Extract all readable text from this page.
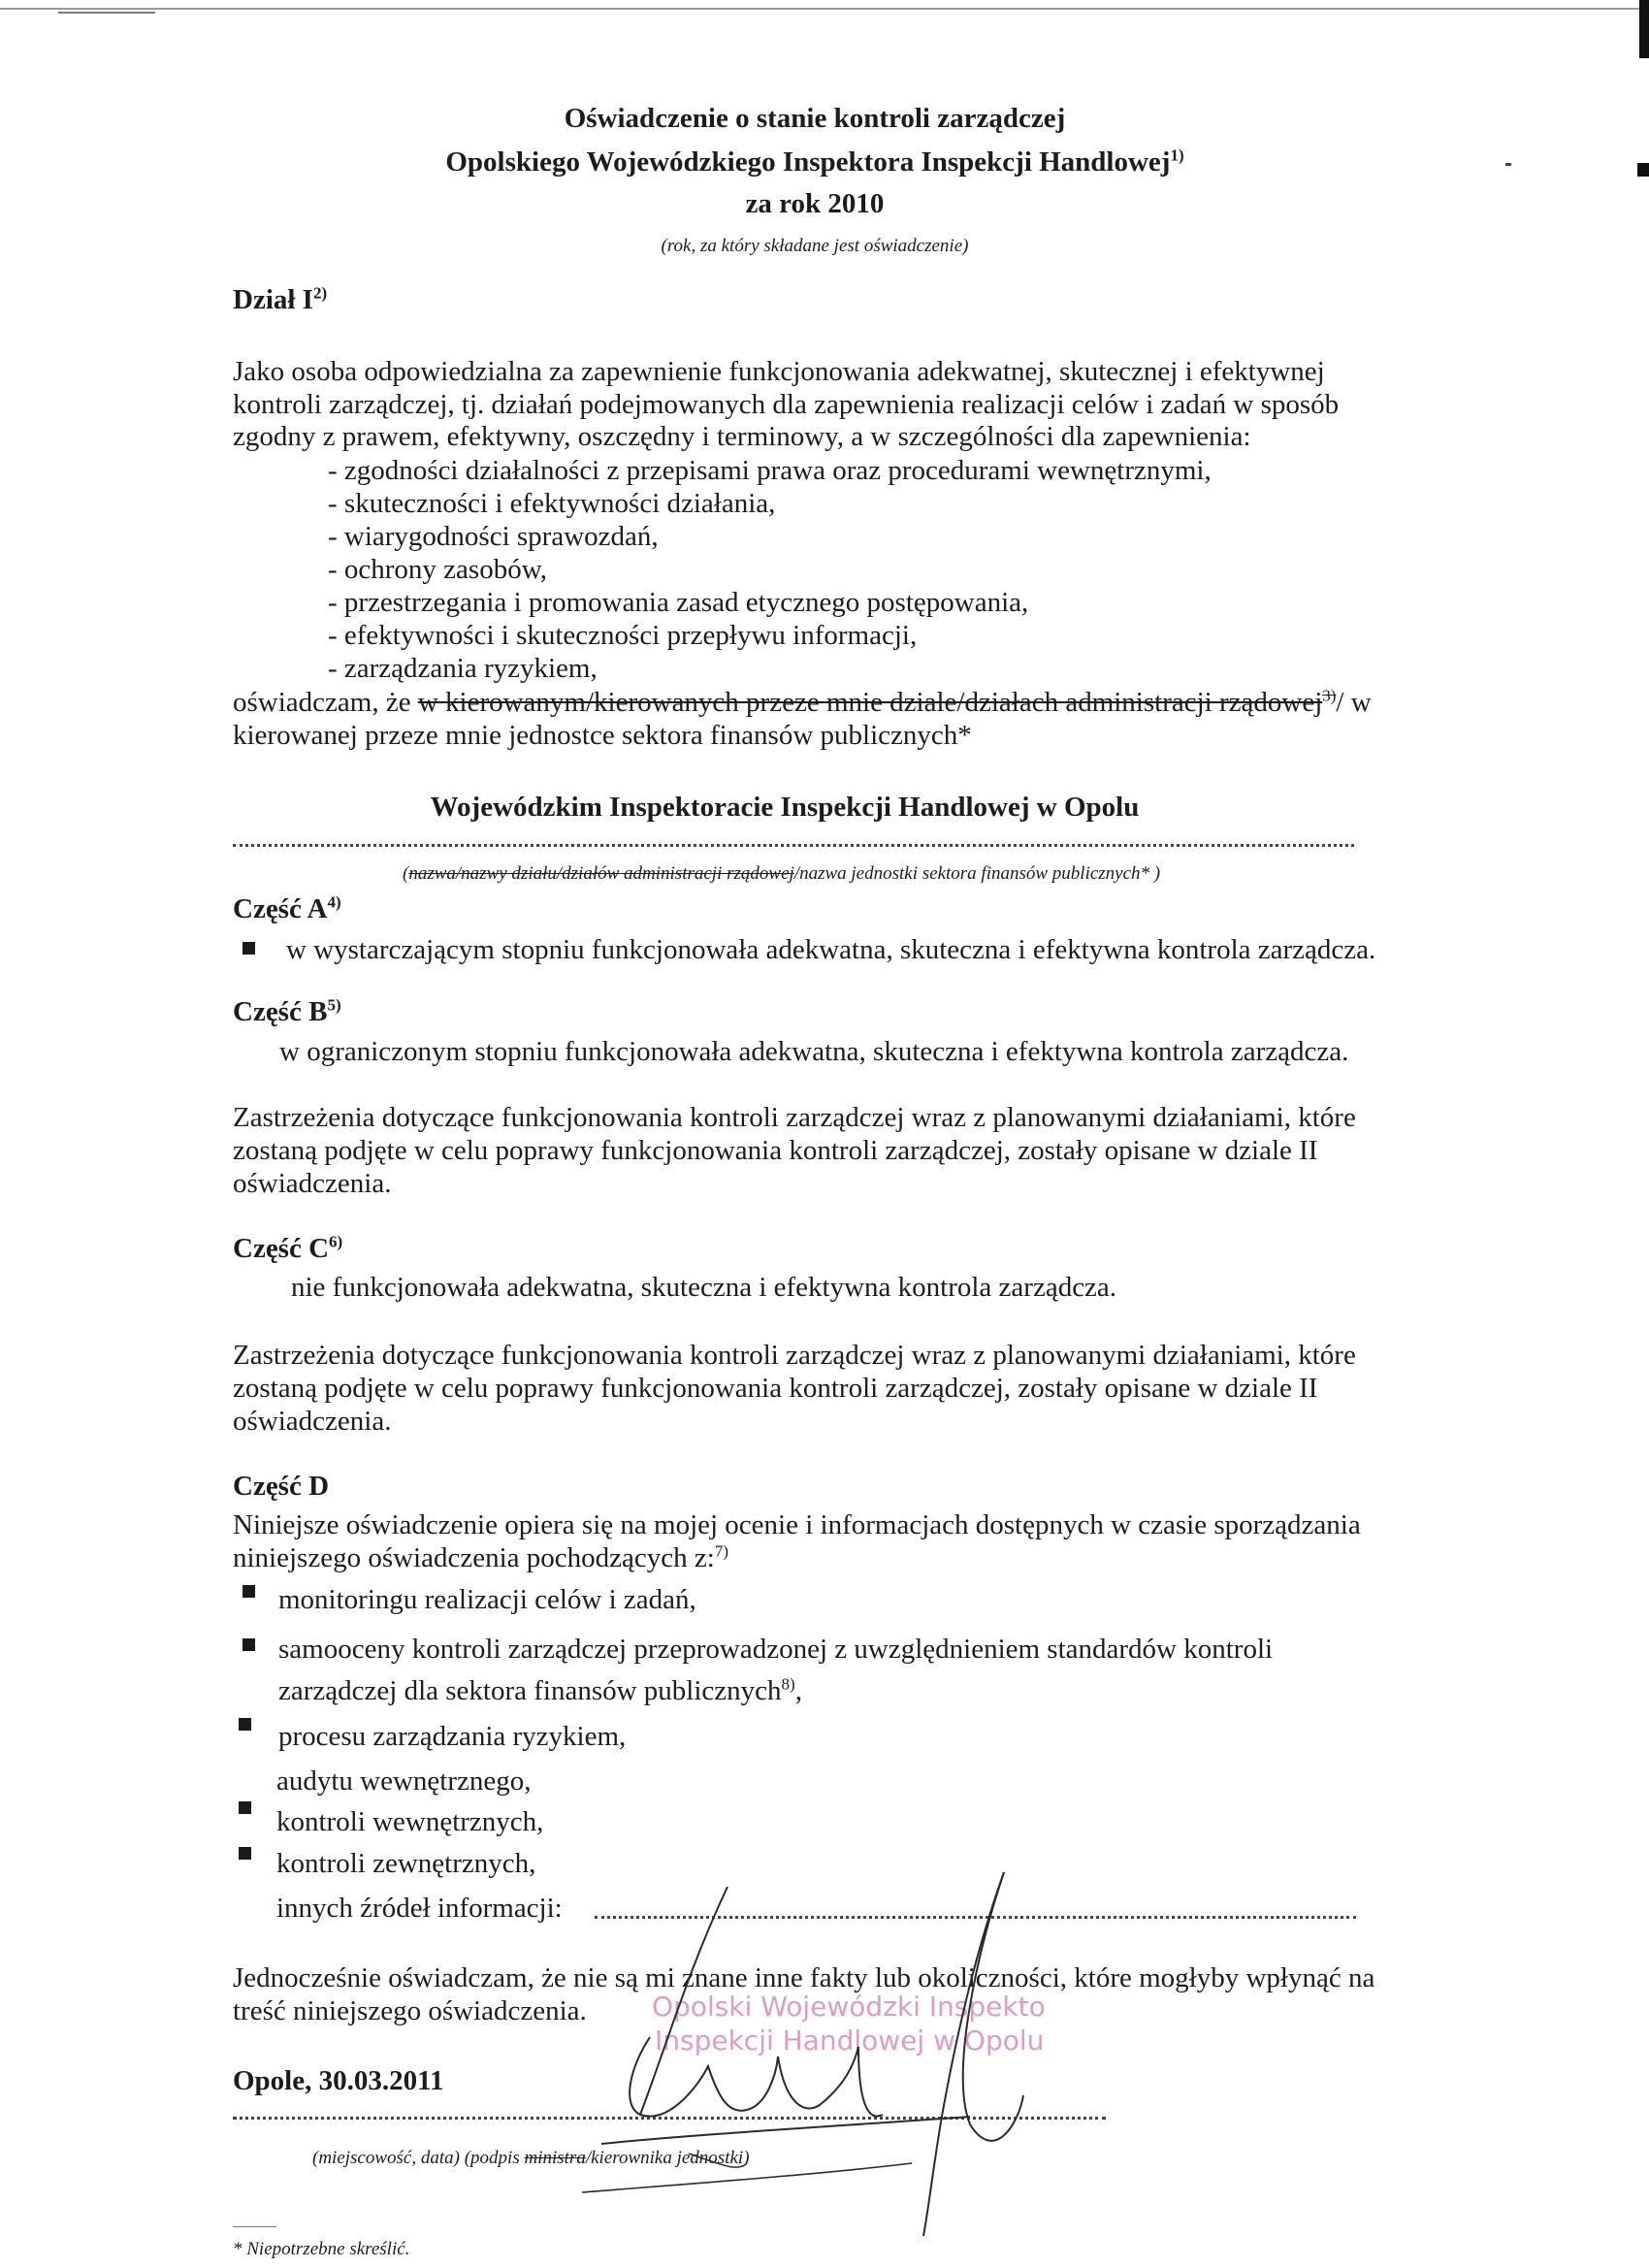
Oświadczenie o stanie kontroli zarządczej
Opolskiego Wojewódzkiego Inspektora Inspekcji Handlowej$^{1)}$
za rok 2010
(rok, za który składane jest oświadczenie)
Dział $I^{2)}$
Jako osoba odpowiedzialna za zapewnienie funkcjonowania adekwatnej, skutecznej i efektywnej
kontroli zarządczej, tj. działań podejmowanych dla zapewnienia realizacji celów i zadań w sposób
zgodny z prawem, efektywny, oszczędny i terminowy, a w szczególności dla zapewnienia:
- zgodności działalności z przepisami prawa oraz procedurami wewnętrznymi,
- skuteczności i efektywności działania,
- wiarygodności sprawozdań,
- ochrony zasobów,
- przestrzegania i promowania zasad etycznego postępowania,
- efektywności i skuteczności przepływu informacji,
- zarządzania ryzykiem,
oświadczam, że w kierowanym/kierowanych przeze mnie dziale/działach administracji rządowej$^{3)}$/ w
kierowanej przeze mnie jednostce sektora finansów publicznych*
Wojewódzkim Inspektoracie Inspekcji Handlowej w Opolu
(nazwa/nazwy działu/działów administracji rządowej/nazwa jednostki sektora finansów publicznych* )
Część $A^{4)}$
w wystarczającym stopniu funkcjonowała adekwatna, skuteczna i efektywna kontrola zarządcza.
Część $B^{5)}$
w ograniczonym stopniu funkcjonowała adekwatna, skuteczna i efektywna kontrola zarządcza.
Zastrzeżenia dotyczące funkcjonowania kontroli zarządczej wraz z planowanymi działaniami, które
zostaną podjęte w celu poprawy funkcjonowania kontroli zarządczej, zostały opisane w dziale II
oświadczenia.
Część $C^{6)}$
nie funkcjonowała adekwatna, skuteczna i efektywna kontrola zarządcza.
Zastrzeżenia dotyczące funkcjonowania kontroli zarządczej wraz z planowanymi działaniami, które
zostaną podjęte w celu poprawy funkcjonowania kontroli zarządczej, zostały opisane w dziale II
oświadczenia.
Część D
Niniejsze oświadczenie opiera się na mojej ocenie i informacjach dostępnych w czasie sporządzania
niniejszego oświadczenia pochodzących z:$^{7)}$
monitoringu realizacji celów i zadań,
samooceny kontroli zarządczej przeprowadzonej z uwzględnieniem standardów kontroli
zarządczej dla sektora finansów publicznych$^{8)}$,
procesu zarządzania ryzykiem,
audytu wewnętrznego,
kontroli wewnętrznych,
kontroli zewnętrznych,
innych źródeł informacji:
Jednocześnie oświadczam, że nie są mi znane inne fakty lub okoliczności, które mogłyby wpłynąć na
treść niniejszego oświadczenia. Opolski Wojewódzki Inspekto
Inspekcji Handlowej w Opolu
Opole, 30.03.2011
(miejscowość, data) (podpis ministra/kierownika jednostki)
* Niepotrzebne skreślić.
